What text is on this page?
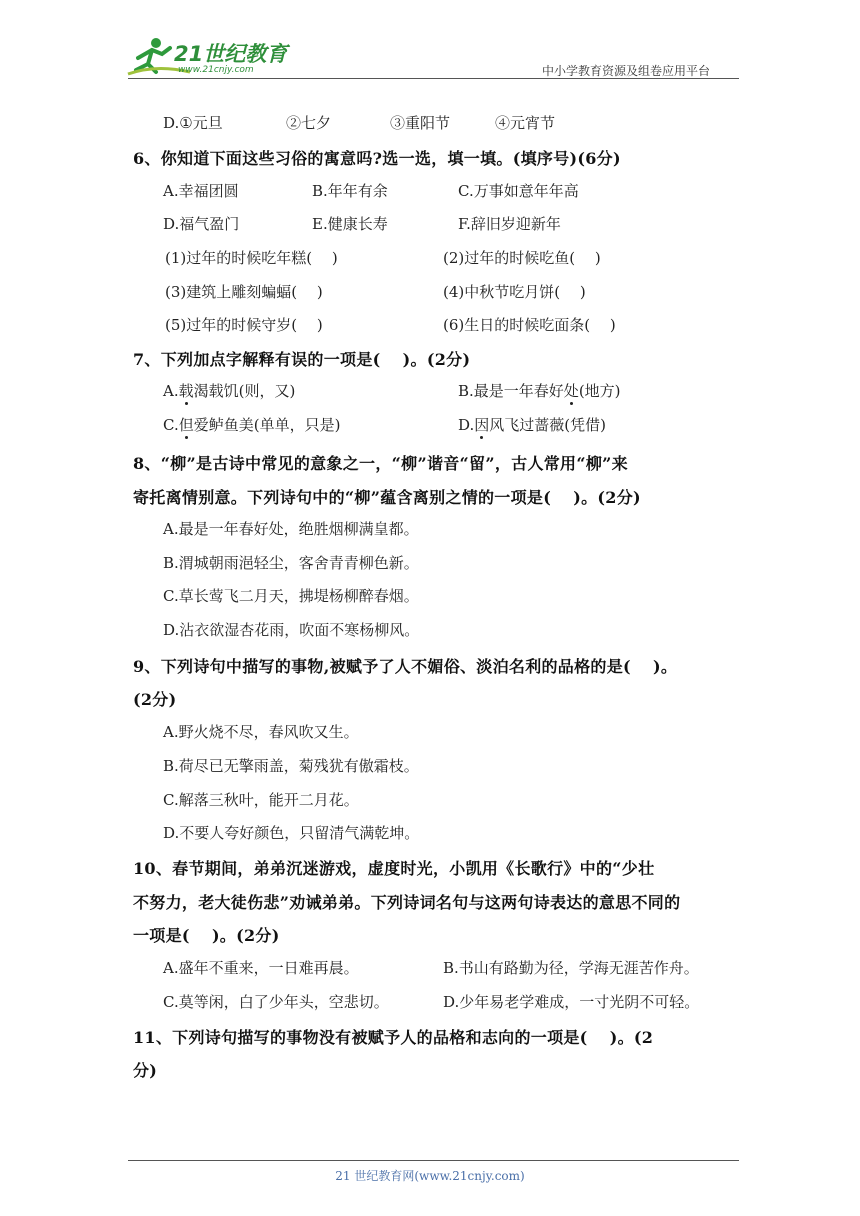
21世纪教育
www.21cnjy.com	中小学教育资源及组卷应用平台
D.①元旦	②七夕	③重阳节	④元宵节
6、你知道下面这些习俗的寓意吗?选一选，填一填。(填序号)(6分)
A.幸福团圆	B.年年有余	C.万事如意年年高
D.福气盈门	E.健康长寿	F.辞旧岁迎新年
(1)过年的时候吃年糕(　 )	(2)过年的时候吃鱼(　 )
(3)建筑上雕刻蝙蝠(　 )	(4)中秋节吃月饼(　 )
(5)过年的时候守岁(　 )	(6)生日的时候吃面条(　 )
7、下列加点字解释有误的一项是(　 )。(2分)
A.载渴载饥(则，又)	B.最是一年春好处(地方)
C.但爱鲈鱼美(单单，只是)	D.因风飞过蔷薇(凭借)
8、“柳”是古诗中常见的意象之一，“柳”谐音“留”，古人常用“柳”来
寄托离情别意。下列诗句中的“柳”蕴含离别之情的一项是(　 )。(2分)
A.最是一年春好处，绝胜烟柳满皇都。
B.渭城朝雨浥轻尘，客舍青青柳色新。
C.草长莺飞二月天，拂堤杨柳醉春烟。
D.沾衣欲湿杏花雨，吹面不寒杨柳风。
9、下列诗句中描写的事物,被赋予了人不媚俗、淡泊名利的品格的是(　 )。
(2分)
A.野火烧不尽，春风吹又生。
B.荷尽已无擎雨盖，菊残犹有傲霜枝。
C.解落三秋叶，能开二月花。
D.不要人夸好颜色，只留清气满乾坤。
10、春节期间，弟弟沉迷游戏，虚度时光，小凯用《长歌行》中的“少壮
不努力，老大徒伤悲”劝诫弟弟。下列诗词名句与这两句诗表达的意思不同的
一项是(　 )。(2分)
A.盛年不重来，一日难再晨。	B.书山有路勤为径，学海无涯苦作舟。
C.莫等闲，白了少年头，空悲切。	D.少年易老学难成，一寸光阴不可轻。
11、下列诗句描写的事物没有被赋予人的品格和志向的一项是(　 )。(2
分)
21 世纪教育网(www.21cnjy.com)
